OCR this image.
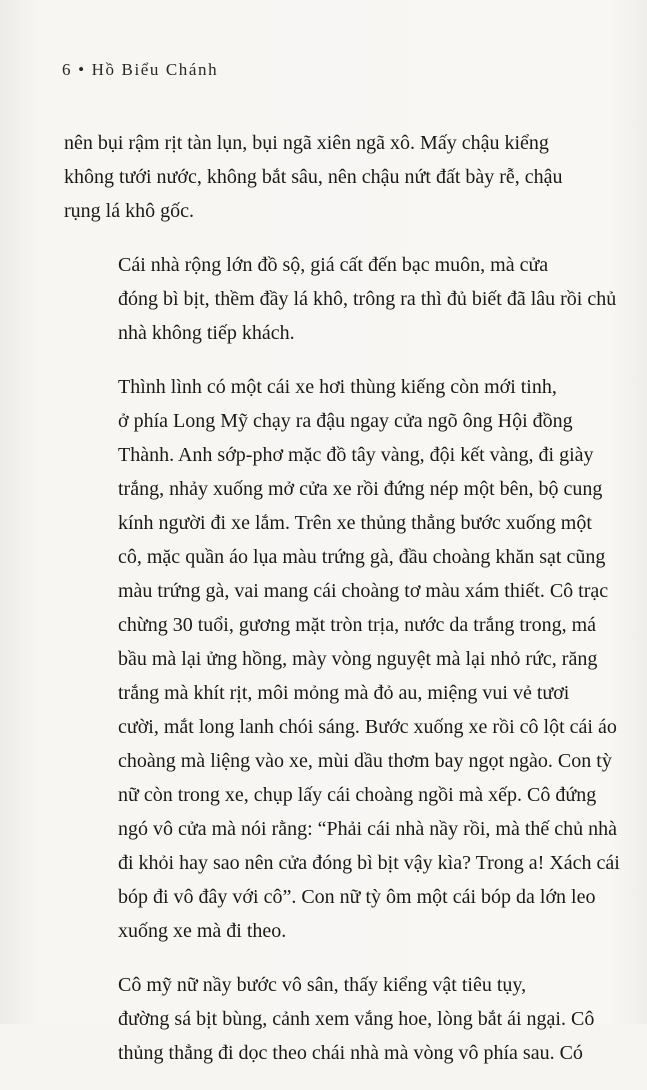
6 • Hồ Biểu Chánh

nên bụi rậm rịt tàn lụn, bụi ngã xiên ngã xô. Mấy chậu kiểng
không tưới nước, không bắt sâu, nên chậu nứt đất bày rễ, chậu
rụng lá khô gốc.

Cái nhà rộng lớn đồ sộ, giá cất đến bạc muôn, mà cửa
đóng bì bịt, thềm đầy lá khô, trông ra thì đủ biết đã lâu rồi chủ
nhà không tiếp khách.

Thình lình có một cái xe hơi thùng kiếng còn mới tinh,
ở phía Long Mỹ chạy ra đậu ngay cửa ngõ ông Hội đồng
Thành. Anh sớp-phơ mặc đồ tây vàng, đội kết vàng, đi giày
trắng, nhảy xuống mở cửa xe rồi đứng nép một bên, bộ cung
kính người đi xe lắm. Trên xe thủng thẳng bước xuống một
cô, mặc quần áo lụa màu trứng gà, đầu choàng khăn sạt cũng
màu trứng gà, vai mang cái choàng tơ màu xám thiết. Cô trạc
chừng 30 tuổi, gương mặt tròn trịa, nước da trắng trong, má
bầu mà lại ửng hồng, mày vòng nguyệt mà lại nhỏ rức, răng
trắng mà khít rịt, môi mỏng mà đỏ au, miệng vui vẻ tươi
cười, mắt long lanh chói sáng. Bước xuống xe rồi cô lột cái áo
choàng mà liệng vào xe, mùi dầu thơm bay ngọt ngào. Con tỳ
nữ còn trong xe, chụp lấy cái choàng ngồi mà xếp. Cô đứng
ngó vô cửa mà nói rằng: “Phải cái nhà nầy rồi, mà thế chủ nhà
đi khỏi hay sao nên cửa đóng bì bịt vậy kìa? Trong a! Xách cái
bóp đi vô đây với cô”. Con nữ tỳ ôm một cái bóp da lớn leo
xuống xe mà đi theo.

Cô mỹ nữ nầy bước vô sân, thấy kiểng vật tiêu tụy,
đường sá bịt bùng, cảnh xem vắng hoe, lòng bắt ái ngại. Cô
thủng thẳng đi dọc theo chái nhà mà vòng vô phía sau. Có
